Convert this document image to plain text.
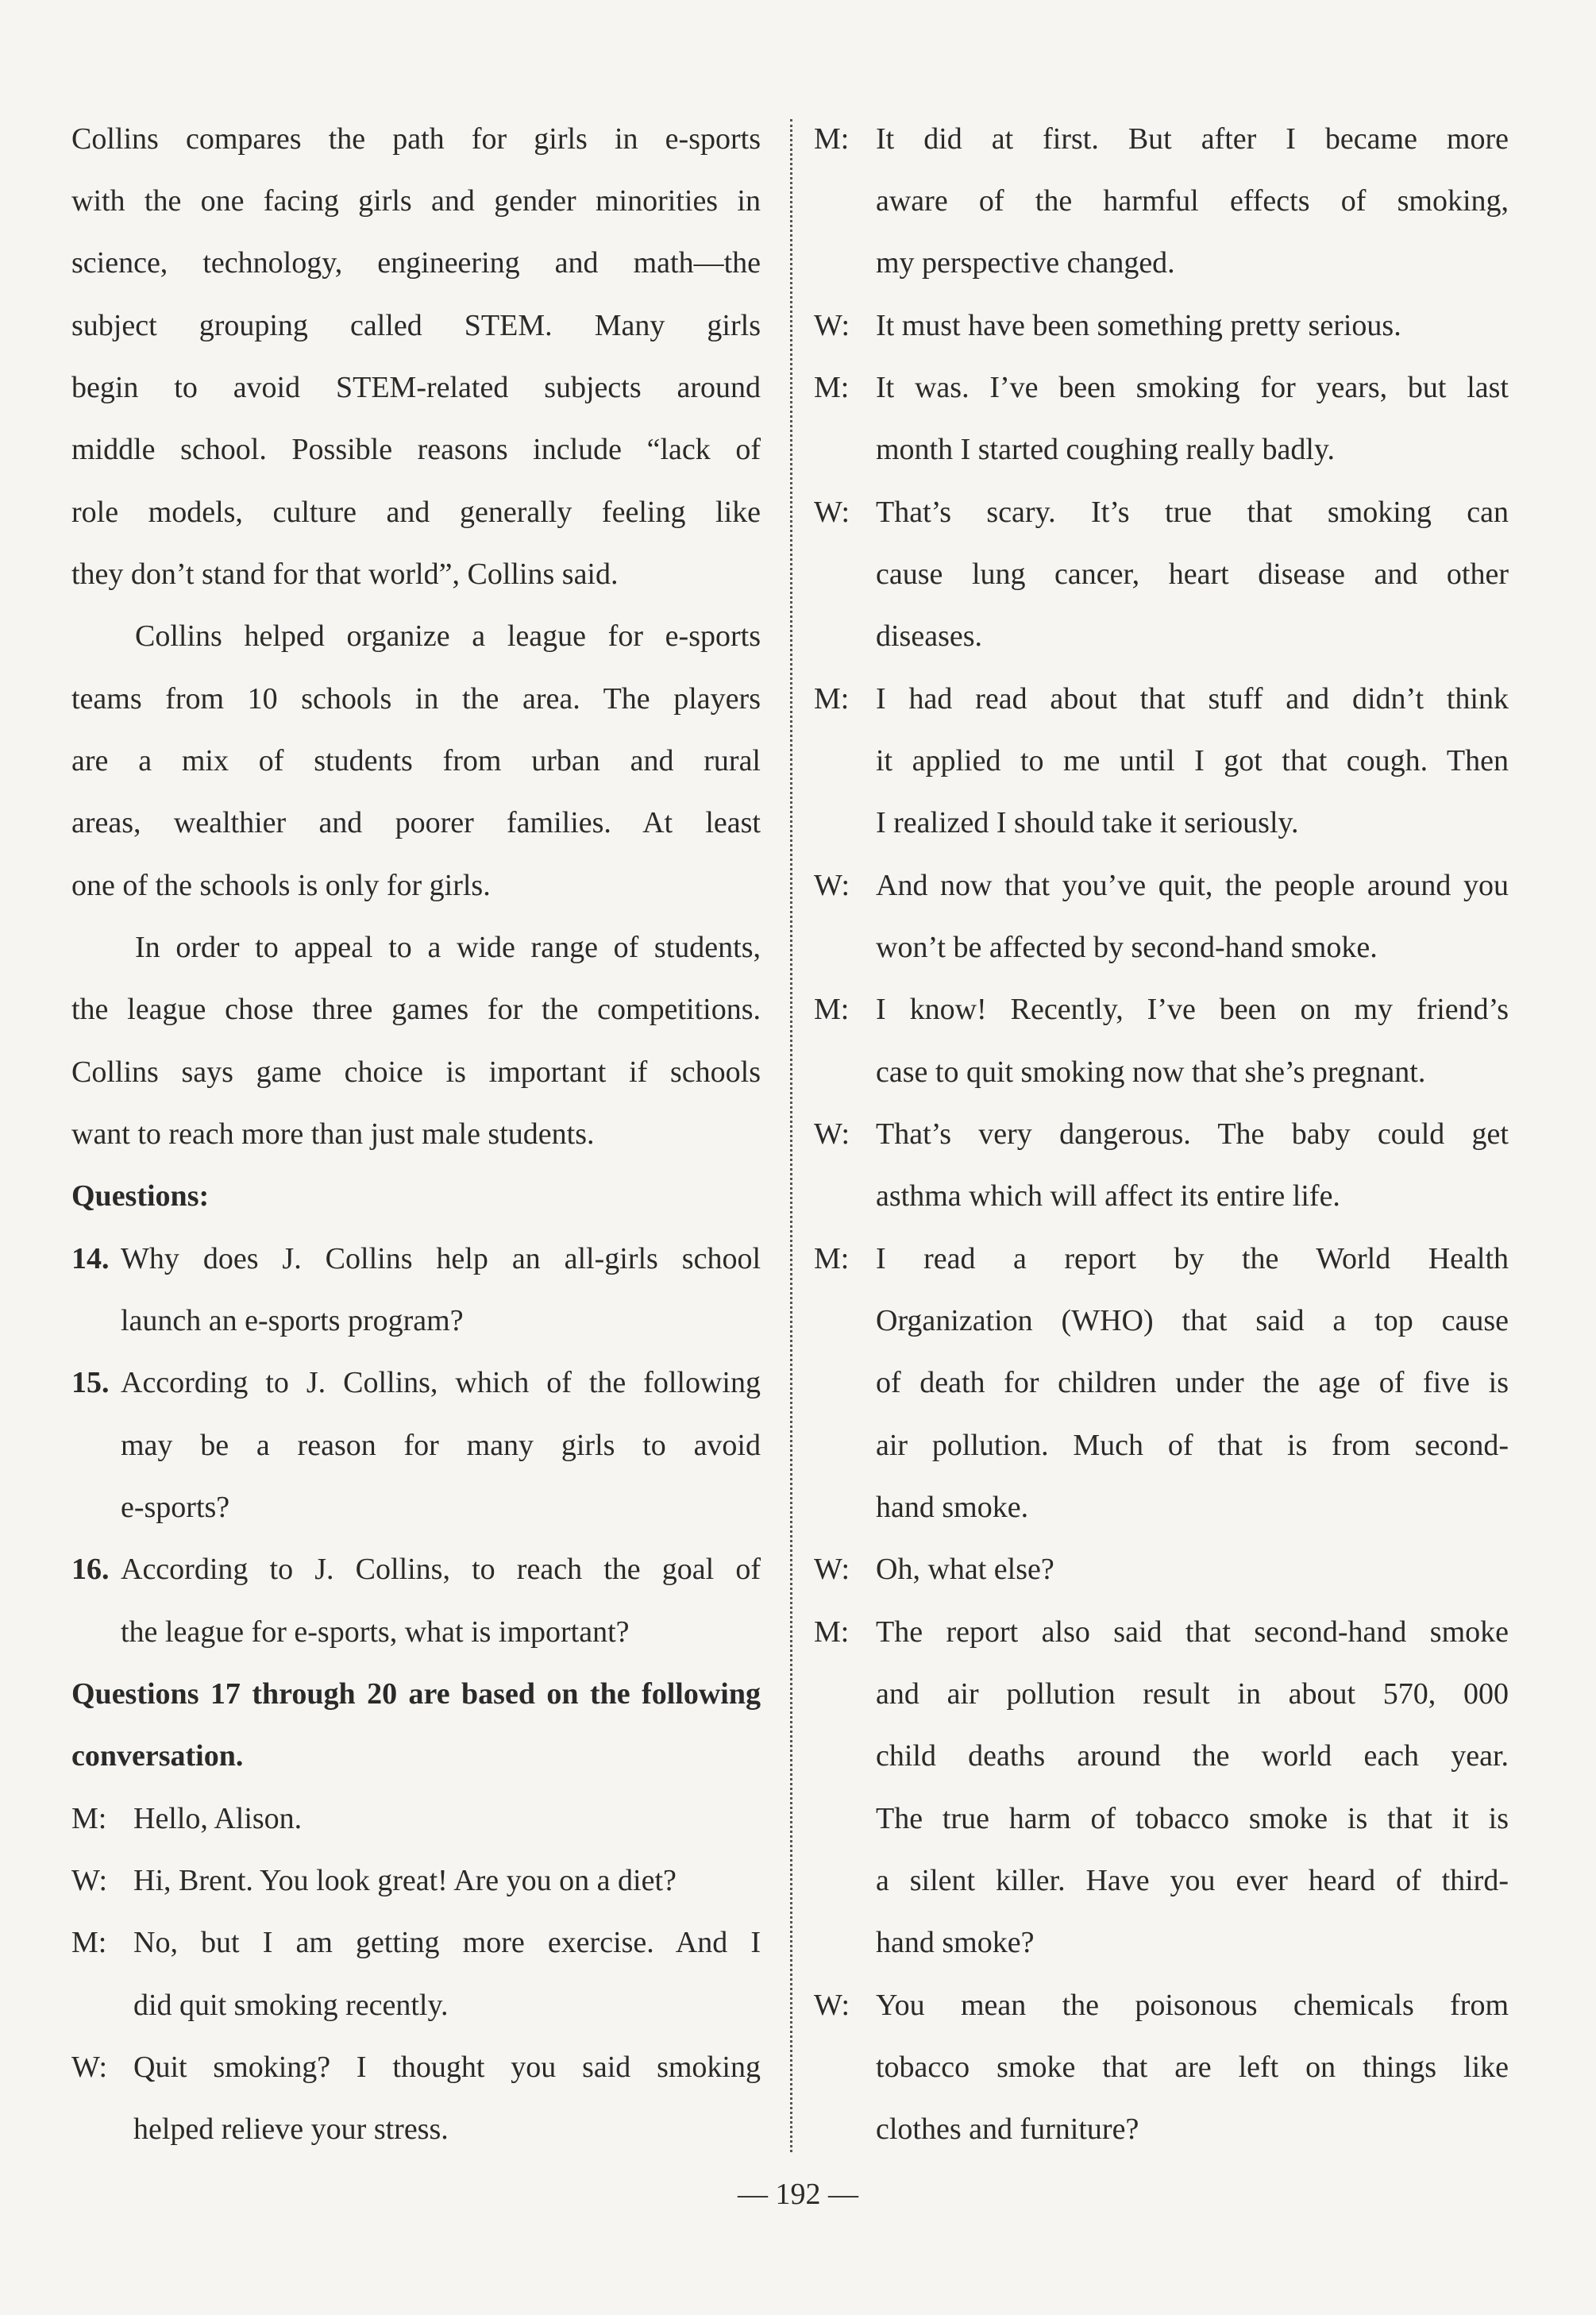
Collins compares the path for girls in e-sports
with the one facing girls and gender minorities in
science, technology, engineering and math—the
subject grouping called STEM. Many girls
begin to avoid STEM-related subjects around
middle school. Possible reasons include “lack of
role models, culture and generally feeling like
they don’t stand for that world”, Collins said.
Collins helped organize a league for e-sports
teams from 10 schools in the area. The players
are a mix of students from urban and rural
areas, wealthier and poorer families. At least
one of the schools is only for girls.
In order to appeal to a wide range of students,
the league chose three games for the competitions.
Collins says game choice is important if schools
want to reach more than just male students.
Questions:
14. Why does J. Collins help an all-girls school
launch an e-sports program?
15. According to J. Collins, which of the following
may be a reason for many girls to avoid
e-sports?
16. According to J. Collins, to reach the goal of
the league for e-sports, what is important?
Questions 17 through 20 are based on the following
conversation.
M: Hello, Alison.
W: Hi, Brent. You look great! Are you on a diet?
M: No, but I am getting more exercise. And I
did quit smoking recently.
W: Quit smoking? I thought you said smoking
helped relieve your stress.
M: It did at first. But after I became more
aware of the harmful effects of smoking,
my perspective changed.
W: It must have been something pretty serious.
M: It was. I’ve been smoking for years, but last
month I started coughing really badly.
W: That’s scary. It’s true that smoking can
cause lung cancer, heart disease and other
diseases.
M: I had read about that stuff and didn’t think
it applied to me until I got that cough. Then
I realized I should take it seriously.
W: And now that you’ve quit, the people around you
won’t be affected by second-hand smoke.
M: I know! Recently, I’ve been on my friend’s
case to quit smoking now that she’s pregnant.
W: That’s very dangerous. The baby could get
asthma which will affect its entire life.
M: I read a report by the World Health
Organization (WHO) that said a top cause
of death for children under the age of five is
air pollution. Much of that is from second-
hand smoke.
W: Oh, what else?
M: The report also said that second-hand smoke
and air pollution result in about 570, 000
child deaths around the world each year.
The true harm of tobacco smoke is that it is
a silent killer. Have you ever heard of third-
hand smoke?
W: You mean the poisonous chemicals from
tobacco smoke that are left on things like
clothes and furniture?
— 192 —
